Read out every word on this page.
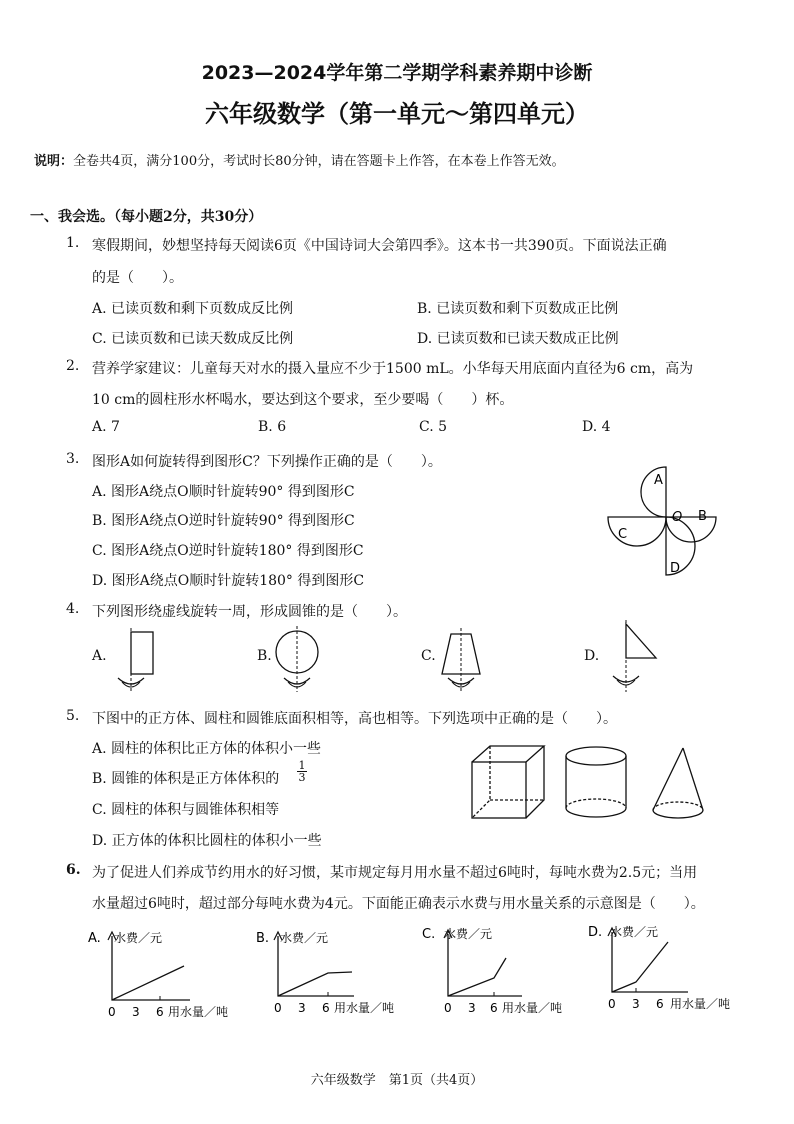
2023—2024学年第二学期学科素养期中诊断
六年级数学（第一单元～第四单元）
说明：全卷共4页，满分100分，考试时长80分钟，请在答题卡上作答，在本卷上作答无效。
一、我会选。（每小题2分，共30分）
1. 寒假期间，妙想坚持每天阅读6页《中国诗词大会第四季》。这本书一共390页。下面说法正确
的是（　　）。
A. 已读页数和剩下页数成反比例	B. 已读页数和剩下页数成正比例
C. 已读页数和已读天数成反比例	D. 已读页数和已读天数成正比例
2. 营养学家建议：儿童每天对水的摄入量应不少于1500 mL。小华每天用底面内直径为6 cm，高为
10 cm的圆柱形水杯喝水，要达到这个要求，至少要喝（　　）杯。
A. 7	B. 6	C. 5	D. 4
3. 图形A如何旋转得到图形C？下列操作正确的是（　　）。
A. 图形A绕点O顺时针旋转90° 得到图形C
B. 图形A绕点O逆时针旋转90° 得到图形C
C. 图形A绕点O逆时针旋转180° 得到图形C
D. 图形A绕点O顺时针旋转180° 得到图形C
A
B
C
D
O
4. 下列图形绕虚线旋转一周，形成圆锥的是（　　）。
A.	B.	C.	D.
5. 下图中的正方体、圆柱和圆锥底面积相等，高也相等。下列选项中正确的是（　　）。
A. 圆柱的体积比正方体的体积小一些
B. 圆锥的体积是正方体体积的 $\frac{1}{3}$
C. 圆柱的体积与圆锥体积相等
D. 正方体的体积比圆柱的体积小一些
6. 为了促进人们养成节约用水的好习惯，某市规定每月用水量不超过6吨时，每吨水费为2.5元；当用
水量超过6吨时，超过部分每吨水费为4元。下面能正确表示水费与用水量关系的示意图是（　　）。
A. 水费／元
0 3 6 用水量／吨
B. 水费／元
0 3 6 用水量／吨
C. 水费／元
0 3 6 用水量／吨
D. 水费／元
0 3 6 用水量／吨
六年级数学　第1页（共4页）
